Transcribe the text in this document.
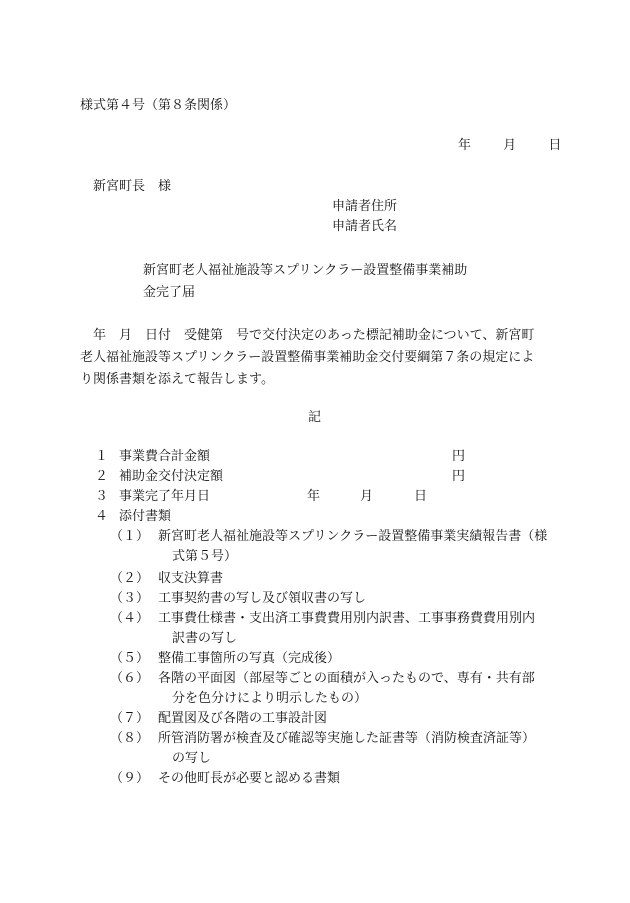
様式第４号（第８条関係）
年 月 日
新宮町長　様
申請者住所
申請者氏名
新宮町老人福祉施設等スプリンクラー設置整備事業補助
金完了届
　年　月　日付　受健第　号で交付決定のあった標記補助金について、新宮町
老人福祉施設等スプリンクラー設置整備事業補助金交付要綱第７条の規定によ
り関係書類を添えて報告します。
記
１ 事業費合計金額	円
２ 補助金交付決定額	円
３ 事業完了年月日	年	月	日
４ 添付書類
（１） 新宮町老人福祉施設等スプリンクラー設置整備事業実績報告書（様
式第５号）
（２） 収支決算書
（３） 工事契約書の写し及び領収書の写し
（４） 工事費仕様書・支出済工事費費用別内訳書、工事事務費費用別内
訳書の写し
（５） 整備工事箇所の写真（完成後）
（６） 各階の平面図（部屋等ごとの面積が入ったもので、専有・共有部
分を色分けにより明示したもの）
（７） 配置図及び各階の工事設計図
（８） 所管消防署が検査及び確認等実施した証書等（消防検査済証等）
の写し
（９） その他町長が必要と認める書類
